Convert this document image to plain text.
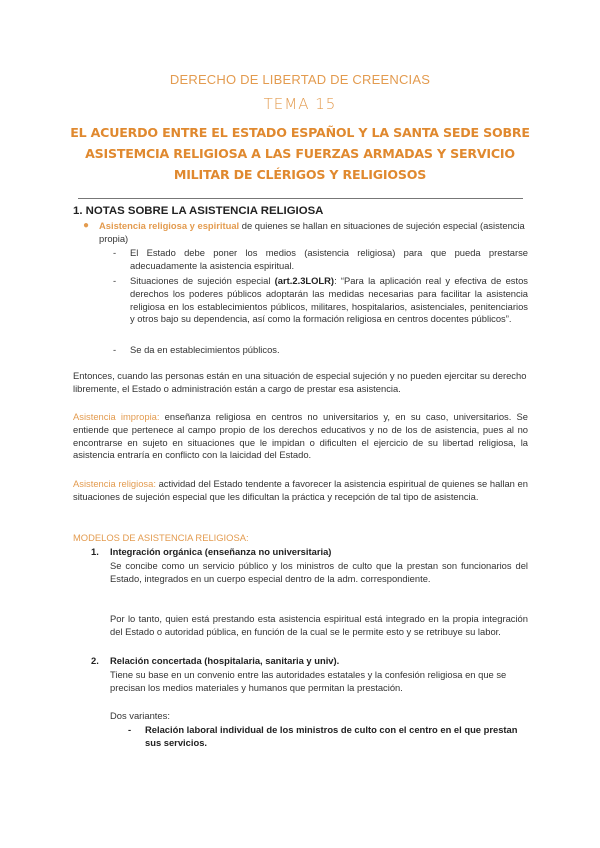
DERECHO DE LIBERTAD DE CREENCIAS
TEMA 15
EL ACUERDO ENTRE EL ESTADO ESPAÑOL Y LA SANTA SEDE SOBRE ASISTEMCIA RELIGIOSA A LAS FUERZAS ARMADAS Y SERVICIO MILITAR DE CLÉRIGOS Y RELIGIOSOS
1. NOTAS SOBRE LA ASISTENCIA RELIGIOSA
● Asistencia religiosa y espiritual de quienes se hallan en situaciones de sujeción especial (asistencia propia)
- El Estado debe poner los medios (asistencia religiosa) para que pueda prestarse adecuadamente la asistencia espiritual.
- Situaciones de sujeción especial (art.2.3LOLR): “Para la aplicación real y efectiva de estos derechos los poderes públicos adoptarán las medidas necesarias para facilitar la asistencia religiosa en los establecimientos públicos, militares, hospitalarios, asistenciales, penitenciarios y otros bajo su dependencia, así como la formación religiosa en centros docentes públicos”.
- Se da en establecimientos públicos.
Entonces, cuando las personas están en una situación de especial sujeción y no pueden ejercitar su derecho libremente, el Estado o administración están a cargo de prestar esa asistencia.
Asistencia impropia: enseñanza religiosa en centros no universitarios y, en su caso, universitarios. Se entiende que pertenece al campo propio de los derechos educativos y no de los de asistencia, pues al no encontrarse en sujeto en situaciones que le impidan o dificulten el ejercicio de su libertad religiosa, la asistencia entraría en conflicto con la laicidad del Estado.
Asistencia religiosa: actividad del Estado tendente a favorecer la asistencia espiritual de quienes se hallan en situaciones de sujeción especial que les dificultan la práctica y recepción de tal tipo de asistencia.
MODELOS DE ASISTENCIA RELIGIOSA:
1. Integración orgánica (enseñanza no universitaria)
Se concibe como un servicio público y los ministros de culto que la prestan son funcionarios del Estado, integrados en un cuerpo especial dentro de la adm. correspondiente.
Por lo tanto, quien está prestando esta asistencia espiritual está integrado en la propia integración del Estado o autoridad pública, en función de la cual se le permite esto y se retribuye su labor.
2. Relación concertada (hospitalaria, sanitaria y univ).
Tiene su base en un convenio entre las autoridades estatales y la confesión religiosa en que se precisan los medios materiales y humanos que permitan la prestación.
Dos variantes:
- Relación laboral individual de los ministros de culto con el centro en el que prestan sus servicios.
